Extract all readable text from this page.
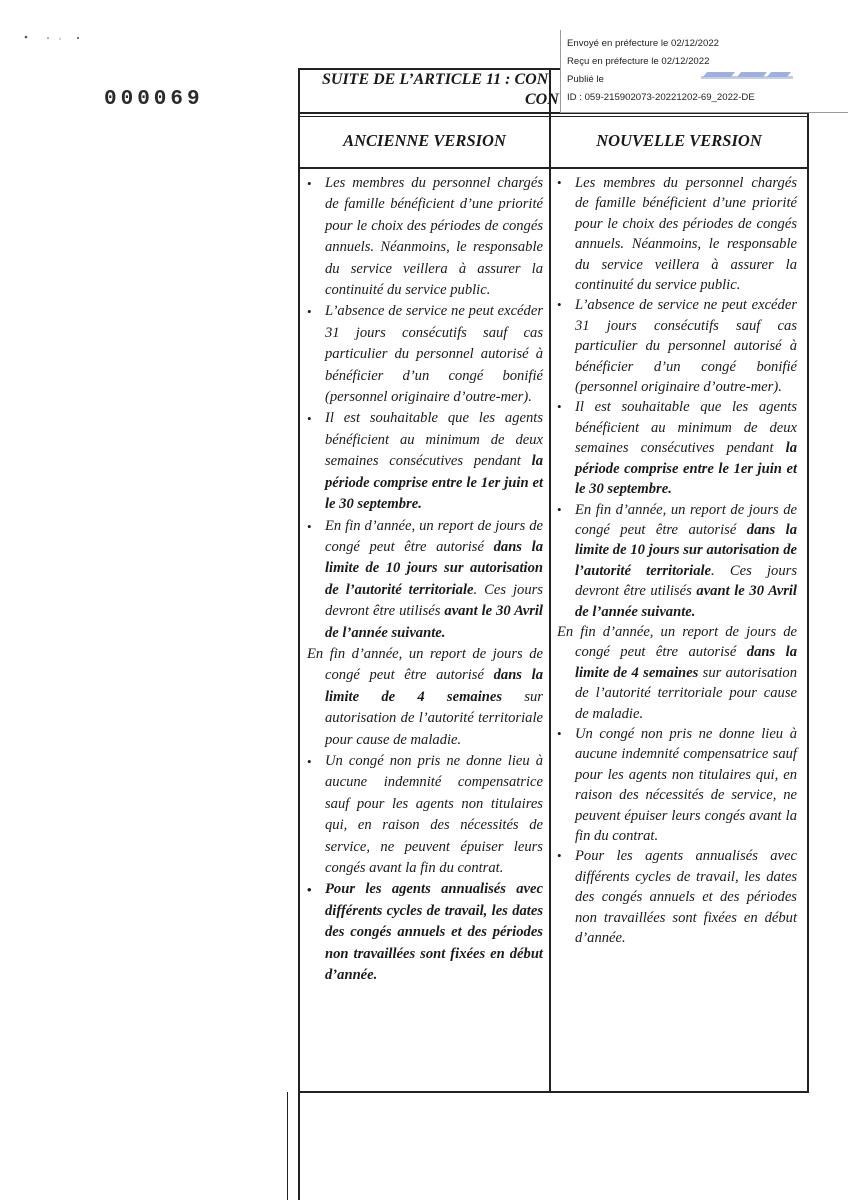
000069
SUITE DE L’ARTICLE 11 : CON
CON
Envoyé en préfecture le 02/12/2022
Reçu en préfecture le 02/12/2022
Publié le
ID : 059-215902073-20221202-69_2022-DE
ANCIENNE VERSION	NOUVELLE VERSION
• Les membres du personnel chargés de famille bénéficient d’une priorité pour le choix des périodes de congés annuels. Néanmoins, le responsable du service veillera à assurer la continuité du service public.
• L’absence de service ne peut excéder 31 jours consécutifs sauf cas particulier du personnel autorisé à bénéficier d’un congé bonifié (personnel originaire d’outre-mer).
• Il est souhaitable que les agents bénéficient au minimum de deux semaines consécutives pendant la période comprise entre le 1er juin et le 30 septembre.
• En fin d’année, un report de jours de congé peut être autorisé dans la limite de 10 jours sur autorisation de l’autorité territoriale. Ces jours devront être utilisés avant le 30 Avril de l’année suivante.
En fin d’année, un report de jours de congé peut être autorisé dans la limite de 4 semaines sur autorisation de l’autorité territoriale pour cause de maladie.
• Un congé non pris ne donne lieu à aucune indemnité compensatrice sauf pour les agents non titulaires qui, en raison des nécessités de service, ne peuvent épuiser leurs congés avant la fin du contrat.
• Pour les agents annualisés avec différents cycles de travail, les dates des congés annuels et des périodes non travaillées sont fixées en début d’année.
• Les membres du personnel chargés de famille bénéficient d’une priorité pour le choix des périodes de congés annuels. Néanmoins, le responsable du service veillera à assurer la continuité du service public.
• L’absence de service ne peut excéder 31 jours consécutifs sauf cas particulier du personnel autorisé à bénéficier d’un congé bonifié (personnel originaire d’outre-mer).
• Il est souhaitable que les agents bénéficient au minimum de deux semaines consécutives pendant la période comprise entre le 1er juin et le 30 septembre.
• En fin d’année, un report de jours de congé peut être autorisé dans la limite de 10 jours sur autorisation de l’autorité territoriale. Ces jours devront être utilisés avant le 30 Avril de l’année suivante.
En fin d’année, un report de jours de congé peut être autorisé dans la limite de 4 semaines sur autorisation de l’autorité territoriale pour cause de maladie.
• Un congé non pris ne donne lieu à aucune indemnité compensatrice sauf pour les agents non titulaires qui, en raison des nécessités de service, ne peuvent épuiser leurs congés avant la fin du contrat.
• Pour les agents annualisés avec différents cycles de travail, les dates des congés annuels et des périodes non travaillées sont fixées en début d’année.
